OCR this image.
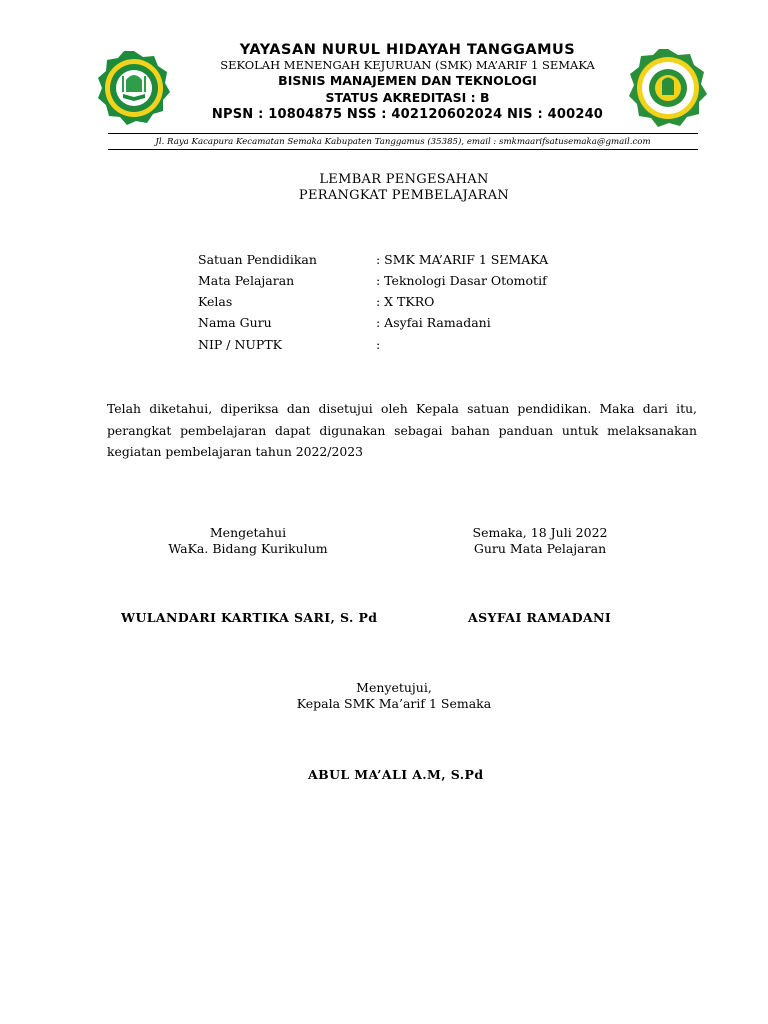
YAYASAN NURUL HIDAYAH TANGGAMUS
SEKOLAH MENENGAH KEJURUAN (SMK) MA’ARIF 1 SEMAKA
BISNIS MANAJEMEN DAN TEKNOLOGI
STATUS AKREDITASI : B
NPSN : 10804875 NSS : 402120602024 NIS : 400240
Jl. Raya Kacapura Kecamatan Semaka Kabupaten Tanggamus (35385), email : smkmaarifsatusemaka@gmail.com
LEMBAR PENGESAHAN
PERANGKAT PEMBELAJARAN
Satuan Pendidikan	: SMK MA’ARIF 1 SEMAKA
Mata Pelajaran	: Teknologi Dasar Otomotif
Kelas	: X TKRO
Nama Guru	: Asyfai Ramadani
NIP / NUPTK	:
Telah diketahui, diperiksa dan disetujui oleh Kepala satuan pendidikan. Maka dari itu, perangkat pembelajaran dapat digunakan sebagai bahan panduan untuk melaksanakan kegiatan pembelajaran tahun 2022/2023
Mengetahui
WaKa. Bidang Kurikulum
Semaka, 18 Juli 2022
Guru Mata Pelajaran
WULANDARI KARTIKA SARI, S. Pd	ASYFAI RAMADANI
Menyetujui,
Kepala SMK Ma’arif 1 Semaka
ABUL MA’ALI A.M, S.Pd
